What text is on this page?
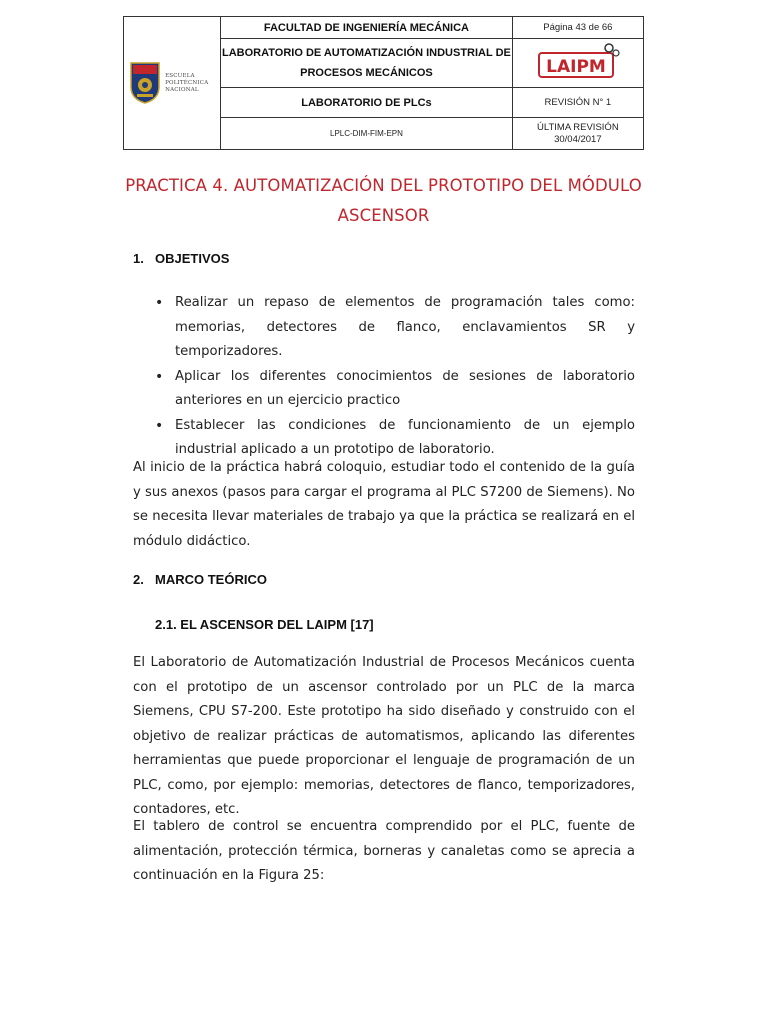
ESCUELA
POLITÉCNICA
NACIONAL	FACULTAD DE INGENIERÍA MECÁNICA	Página 43 de 66

	LABORATORIO DE AUTOMATIZACIÓN INDUSTRIAL DE
PROCESOS MECÁNICOS	LAIPM

	LABORATORIO DE PLCs	REVISIÓN N° 1
	LPLC-DIM-FIM-EPN	ÚLTIMA REVISIÓN
30/04/2017
PRACTICA 4. AUTOMATIZACIÓN DEL PROTOTIPO DEL MÓDULO
ASCENSOR
1. OBJETIVOS
• Realizar un repaso de elementos de programación tales como: memorias, detectores de flanco, enclavamientos SR y temporizadores.
• Aplicar los diferentes conocimientos de sesiones de laboratorio anteriores en un ejercicio practico
• Establecer las condiciones de funcionamiento de un ejemplo industrial aplicado a un prototipo de laboratorio.

Al inicio de la práctica habrá coloquio, estudiar todo el contenido de la guía y sus anexos (pasos para cargar el programa al PLC S7200 de Siemens). No se necesita llevar materiales de trabajo ya que la práctica se realizará en el módulo didáctico.

2. MARCO TEÓRICO
2.1. EL ASCENSOR DEL LAIPM [17]

El Laboratorio de Automatización Industrial de Procesos Mecánicos cuenta con el prototipo de un ascensor controlado por un PLC de la marca Siemens, CPU S7-200. Este prototipo ha sido diseñado y construido con el objetivo de realizar prácticas de automatismos, aplicando las diferentes herramientas que puede proporcionar el lenguaje de programación de un PLC, como, por ejemplo: memorias, detectores de flanco, temporizadores, contadores, etc.

El tablero de control se encuentra comprendido por el PLC, fuente de alimentación, protección térmica, borneras y canaletas como se aprecia a continuación en la Figura 25:
